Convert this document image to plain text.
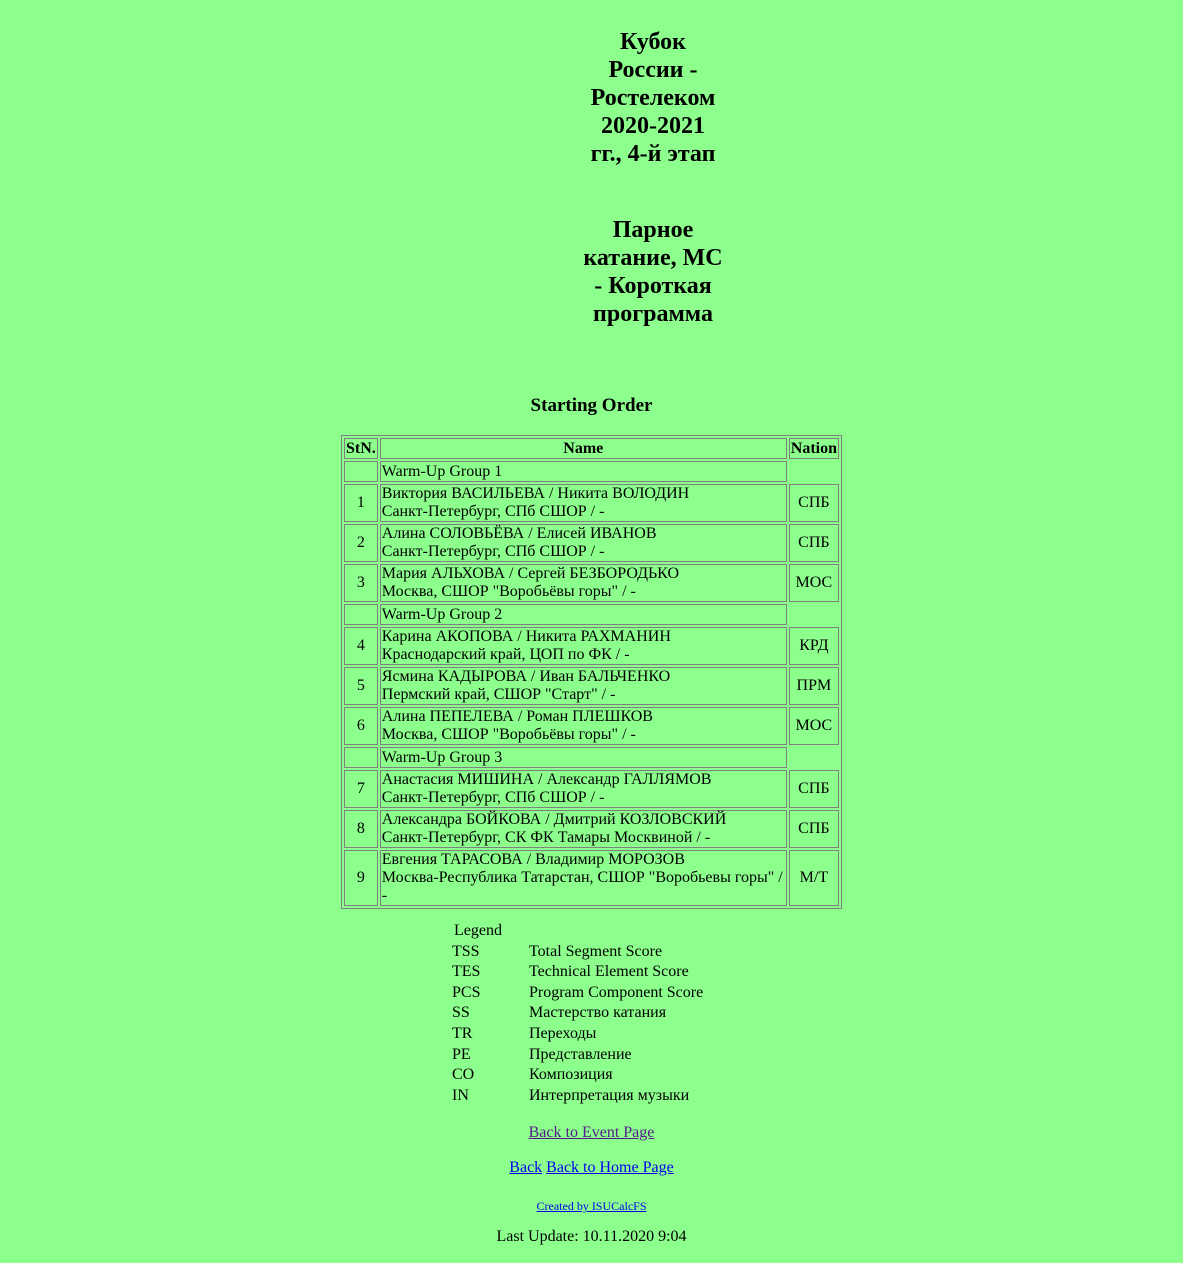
Кубок России - Ростелеком 2020-2021 гг., 4-й этап
Парное катание, МС - Короткая программа
Starting Order
StN.	Name	Nation
	Warm-Up Group 1	
1	Виктория ВАСИЛЬЕВА / Никита ВОЛОДИН
Санкт-Петербург, СПб СШОР / -	СПБ
2	Алина СОЛОВЬЁВА / Елисей ИВАНОВ
Санкт-Петербург, СПб СШОР / -	СПБ
3	Мария АЛЬХОВА / Сергей БЕЗБОРОДЬКО
Москва, СШОР "Воробьёвы горы" / -	МОС
	Warm-Up Group 2	
4	Карина АКОПОВА / Никита РАХМАНИН
Краснодарский край, ЦОП по ФК / -	КРД
5	Ясмина КАДЫРОВА / Иван БАЛЬЧЕНКО
Пермский край, СШОР "Старт" / -	ПРМ
6	Алина ПЕПЕЛЕВА / Роман ПЛЕШКОВ
Москва, СШОР "Воробьёвы горы" / -	МОС
	Warm-Up Group 3	
7	Анастасия МИШИНА / Александр ГАЛЛЯМОВ
Санкт-Петербург, СПб СШОР / -	СПБ
8	Александра БОЙКОВА / Дмитрий КОЗЛОВСКИЙ
Санкт-Петербург, СК ФК Тамары Москвиной / -	СПБ
9	Евгения ТАРАСОВА / Владимир МОРОЗОВ
Москва-Республика Татарстан, СШОР "Воробьевы горы" / -	М/Т
Legend
TSS	Total Segment Score
TES	Technical Element Score
PCS	Program Component Score
SS	Мастерство катания
TR	Переходы
PE	Представление
CO	Композиция
IN	Интерпретация музыки
Back to Event Page
Back Back to Home Page
Created by ISUCalcFS
Last Update: 10.11.2020 9:04
